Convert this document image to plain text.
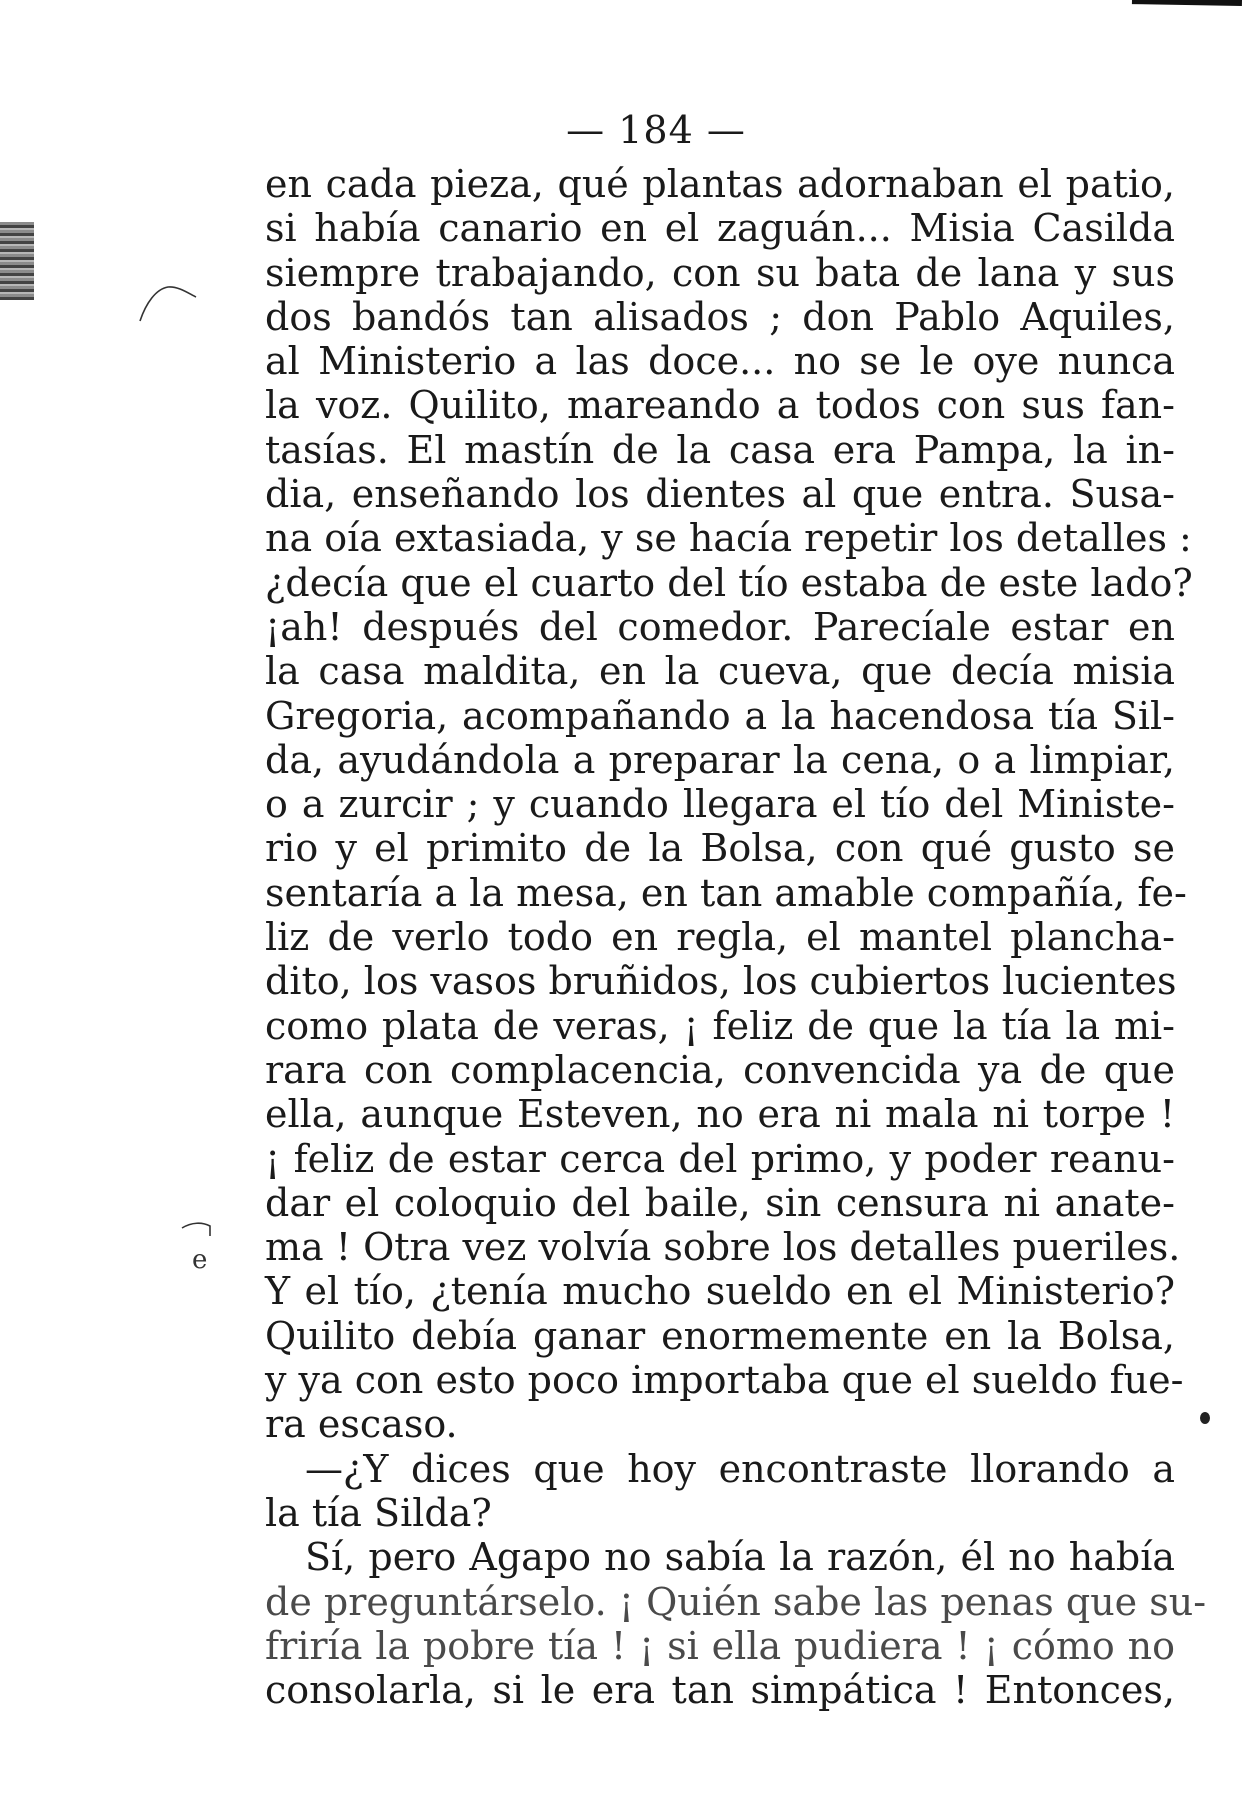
e
— 184 —
en cada pieza, qué plantas adornaban el patio,
si había canario en el zaguán... Misia Casilda
siempre trabajando, con su bata de lana y sus
dos bandós tan alisados ; don Pablo Aquiles,
al Ministerio a las doce... no se le oye nunca
la voz. Quilito, mareando a todos con sus fan-
tasías. El mastín de la casa era Pampa, la in-
dia, enseñando los dientes al que entra. Susa-
na oía extasiada, y se hacía repetir los detalles :
¿decía que el cuarto del tío estaba de este lado?
¡ah! después del comedor. Parecíale estar en
la casa maldita, en la cueva, que decía misia
Gregoria, acompañando a la hacendosa tía Sil-
da, ayudándola a preparar la cena, o a limpiar,
o a zurcir ; y cuando llegara el tío del Ministe-
rio y el primito de la Bolsa, con qué gusto se
sentaría a la mesa, en tan amable compañía, fe-
liz de verlo todo en regla, el mantel plancha-
dito, los vasos bruñidos, los cubiertos lucientes
como plata de veras, ¡ feliz de que la tía la mi-
rara con complacencia, convencida ya de que
ella, aunque Esteven, no era ni mala ni torpe !
¡ feliz de estar cerca del primo, y poder reanu-
dar el coloquio del baile, sin censura ni anate-
ma ! Otra vez volvía sobre los detalles pueriles.
Y el tío, ¿tenía mucho sueldo en el Ministerio?
Quilito debía ganar enormemente en la Bolsa,
y ya con esto poco importaba que el sueldo fue-
ra escaso.
—¿Y dices que hoy encontraste llorando a
la tía Silda?
Sí, pero Agapo no sabía la razón, él no había
de preguntárselo. ¡ Quién sabe las penas que su-
friría la pobre tía ! ¡ si ella pudiera ! ¡ cómo no
consolarla, si le era tan simpática ! Entonces,
